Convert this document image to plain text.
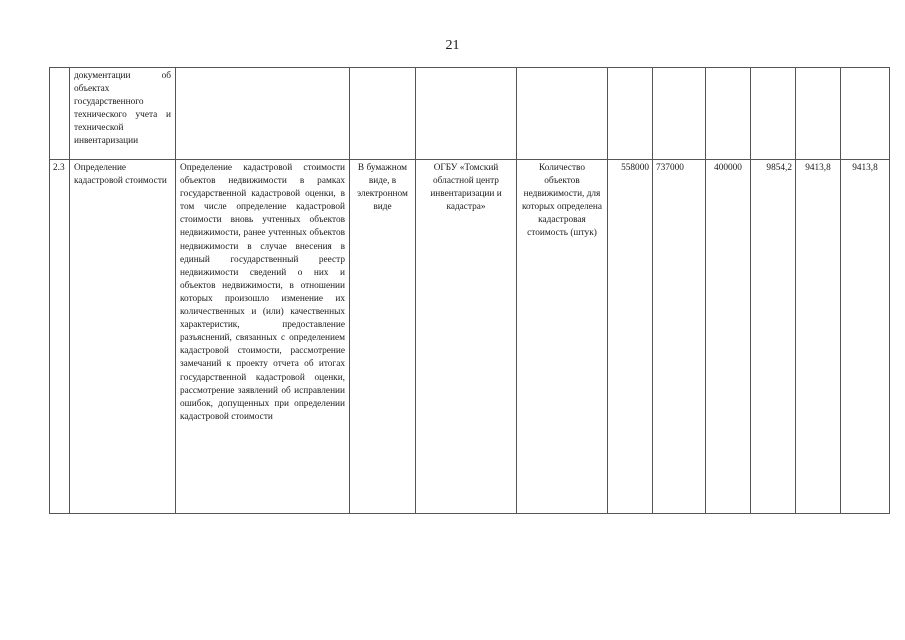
21
	документации об объектах государственного технического учета и технической инвентаризации										
2.3	Определение кадастровой стоимости	Определение кадастровой стоимости объектов недвижимости в рамках государственной кадастровой оценки, в том числе определение кадастровой стоимости вновь учтенных объектов недвижимости, ранее учтенных объектов недвижимости в случае внесения в единый государственный реестр недвижимости сведений о них и объектов недвижимости, в отношении которых произошло изменение их количественных и (или) качественных характеристик, предоставление разъяснений, связанных с определением кадастровой стоимости, рассмотрение замечаний к проекту отчета об итогах государственной кадастровой оценки, рассмотрение заявлений об исправлении ошибок, допущенных при определении кадастровой стоимости	В бумажном виде, в электронном виде	ОГБУ «Томский областной центр инвентаризации и кадастра»	Количество объектов недвижимости, для которых определена кадастровая стоимость (штук)	558000	737000	400000	9854,2	9413,8	9413,8
